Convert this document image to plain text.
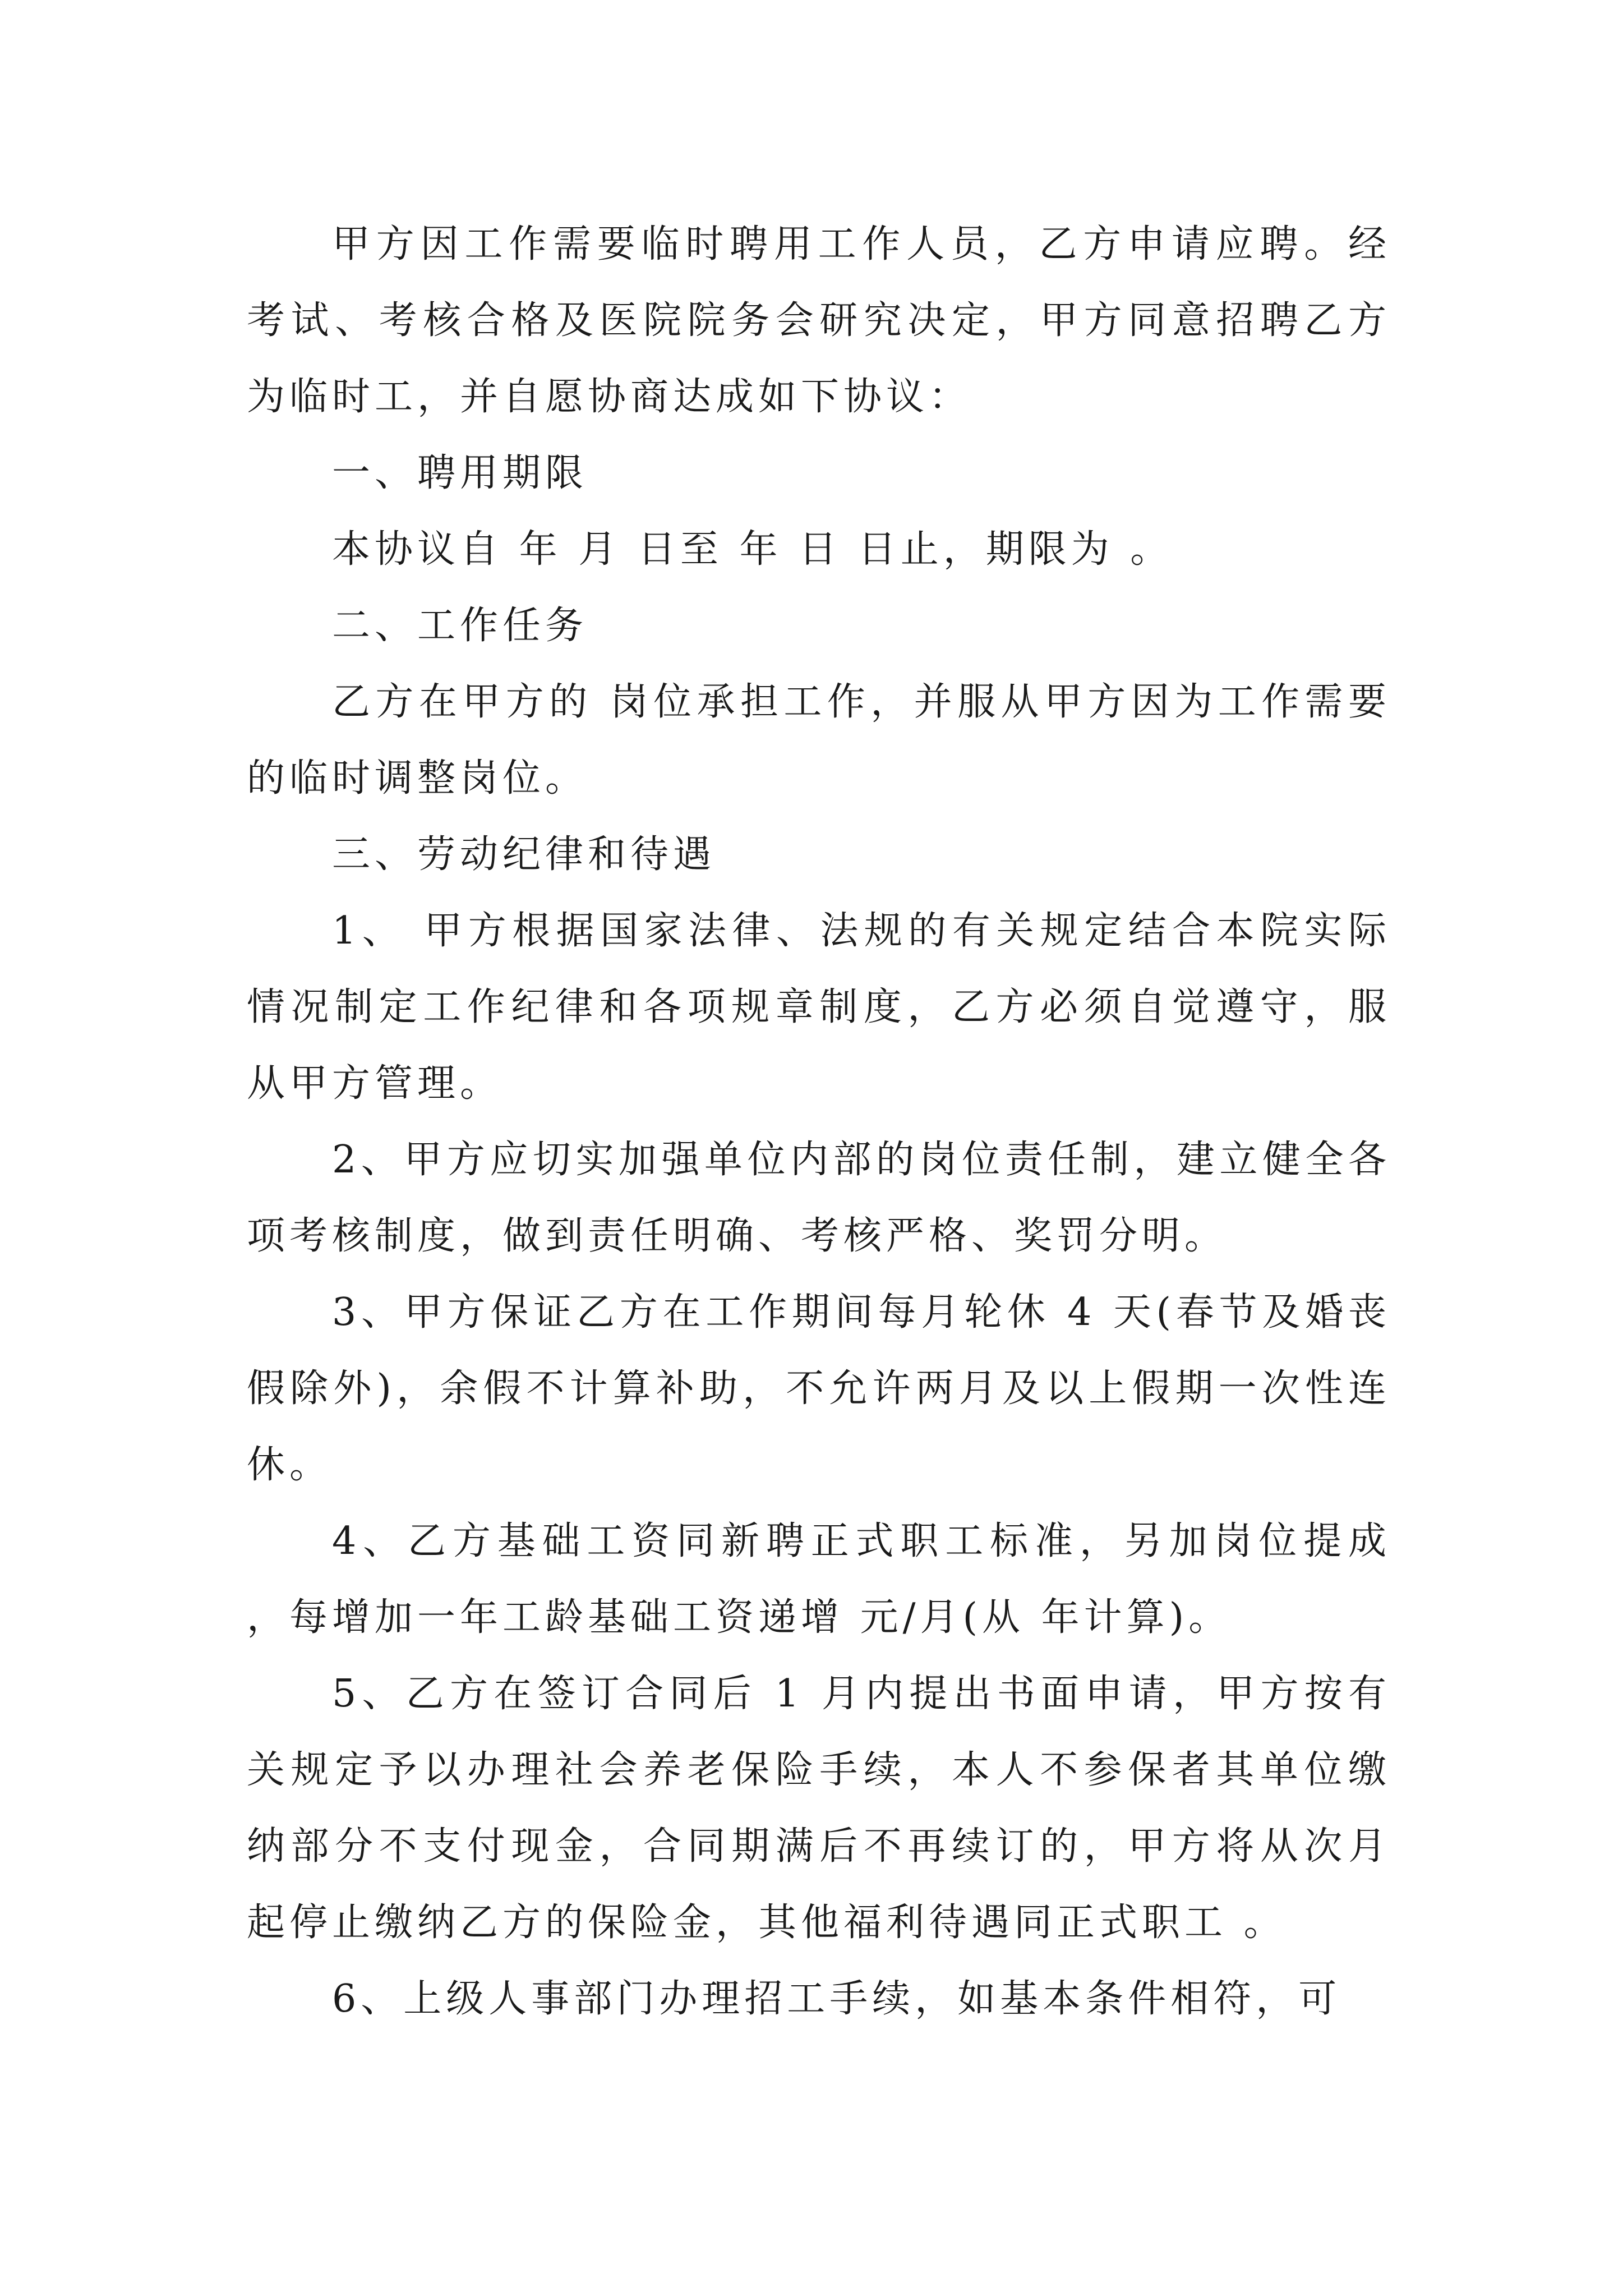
甲方因工作需要临时聘用工作人员，乙方申请应聘。经考试、考核合格及医院院务会研究决定，甲方同意招聘乙方为临时工，并自愿协商达成如下协议：

一、聘用期限

本协议自 年 月 日至 年 日 日止，期限为 。

二、工作任务

乙方在甲方的 岗位承担工作，并服从甲方因为工作需要的临时调整岗位。

三、劳动纪律和待遇

1、 甲方根据国家法律、法规的有关规定结合本院实际情况制定工作纪律和各项规章制度，乙方必须自觉遵守，服从甲方管理。

2、甲方应切实加强单位内部的岗位责任制，建立健全各项考核制度，做到责任明确、考核严格、奖罚分明。

3、甲方保证乙方在工作期间每月轮休 4 天(春节及婚丧假除外)，余假不计算补助，不允许两月及以上假期一次性连休。

4、乙方基础工资同新聘正式职工标准，另加岗位提成 ，每增加一年工龄基础工资递增 元/月(从 年计算)。

5、乙方在签订合同后 1 月内提出书面申请，甲方按有关规定予以办理社会养老保险手续，本人不参保者其单位缴纳部分不支付现金，合同期满后不再续订的，甲方将从次月起停止缴纳乙方的保险金，其他福利待遇同正式职工 。

6、上级人事部门办理招工手续，如基本条件相符，可
